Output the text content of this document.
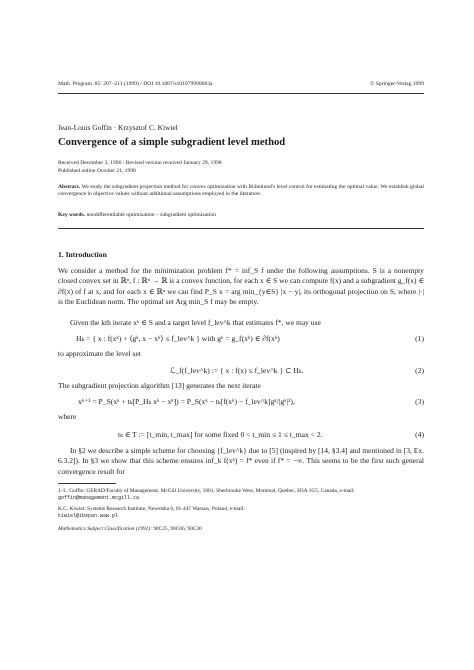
Math. Program. 85: 207–211 (1999) / DOI 10.1007/s101079900003a	© Springer-Verlag 1999
Jean-Louis Goffin · Krzysztof C. Kiwiel
Convergence of a simple subgradient level method
Received December 3, 1996 / Revised version received January 29, 1998
Published online October 21, 1998
Abstract. We study the subgradient projection method for convex optimization with Brännlund's level control for estimating the optimal value. We establish global convergence in objective values without additional assumptions employed in the literature.
Key words. nondifferentiable optimization – subgradient optimization
1. Introduction
We consider a method for the minimization problem f* = inf_S f under the following assumptions. S is a nonempty closed convex set in ℝⁿ, f : ℝⁿ → ℝ is a convex function, for each x ∈ S we can compute f(x) and a subgradient g_f(x) ∈ ∂f(x) of f at x, and for each x ∈ ℝⁿ we can find P_S x = arg min_{y∈S} |x − y|, its orthogonal projection on S, where |·| is the Euclidean norm. The optimal set Arg min_S f may be empty.
Given the kth iterate xᵏ ∈ S and a target level f_lev^k that estimates f*, we may use
Hₖ = { x : f(xᵏ) + ⟨gᵏ, x − xᵏ⟩ ≤ f_lev^k } with gᵏ = g_f(xᵏ) ∈ ∂f(xᵏ)	(1)
to approximate the level set
ℒ_f(f_lev^k) := { x : f(x) ≤ f_lev^k } ⊂ Hₖ.	(2)
The subgradient projection algorithm [13] generates the next iterate
xᵏ⁺¹ = P_S(xᵏ + tₖ[P_Hₖ xᵏ − xᵏ]) = P_S(xᵏ − tₖ[f(xᵏ) − f_lev^k]gᵏ/|gᵏ|²),	(3)
where
tₖ ∈ T := [t_min, t_max] for some fixed 0 < t_min ≤ 1 ≤ t_max < 2.	(4)
In §2 we describe a simple scheme for choosing {f_lev^k} due to [5] (inspired by [14, §3.4] and mentioned in [3, Ex. 6.3.2]). In §3 we show that this scheme ensures inf_k f(xᵏ) = f* even if f* = −∞. This seems to be the first such general convergence result for
J.-L. Goffin: GERAD/Faculty of Management, McGill University, 1001, Sherbrooke West, Montreal, Quebec, H3A 1G5, Canada, e-mail: goffin@management.mcgill.ca
K.C. Kiwiel: Systems Research Institute, Newelska 6, 01-447 Warsaw, Poland, e-mail:
kiwiel@ibspan.waw.pl
Mathematics Subject Classification (1991): 90C25, 90C06, 90C30
